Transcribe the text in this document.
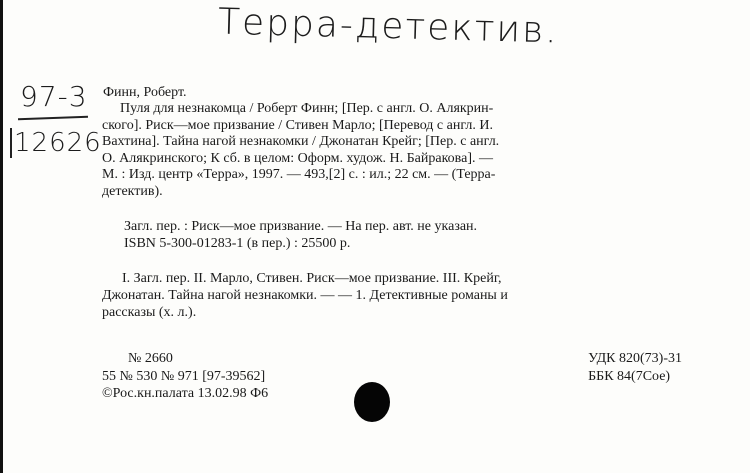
Терра-детектив.
97-3
12626
Финн, Роберт.
Пуля для незнакомца / Роберт Финн; [Пер. с англ. О. Алякрин-
ского]. Риск—мое призвание / Стивен Марло; [Перевод с англ. И.
Вахтина]. Тайна нагой незнакомки / Джонатан Крейг; [Пер. с англ.
О. Алякринского; К сб. в целом: Оформ. худож. Н. Байракова]. —
М. : Изд. центр «Терра», 1997. — 493,[2] с. : ил.; 22 см. — (Терра-
детектив).
Загл. пер. : Риск—мое призвание. — На пер. авт. не указан.
ISBN 5-300-01283-1 (в пер.) : 25500 р.
I. Загл. пер. II. Марло, Стивен. Риск—мое призвание. III. Крейг,
Джонатан. Тайна нагой незнакомки. — — 1. Детективные романы и
рассказы (х. л.).
№ 2660
55 № 530 № 971 [97-39562]
©Рос.кн.палата 13.02.98 Ф6
УДК 820(73)-31
ББК 84(7Сое)
